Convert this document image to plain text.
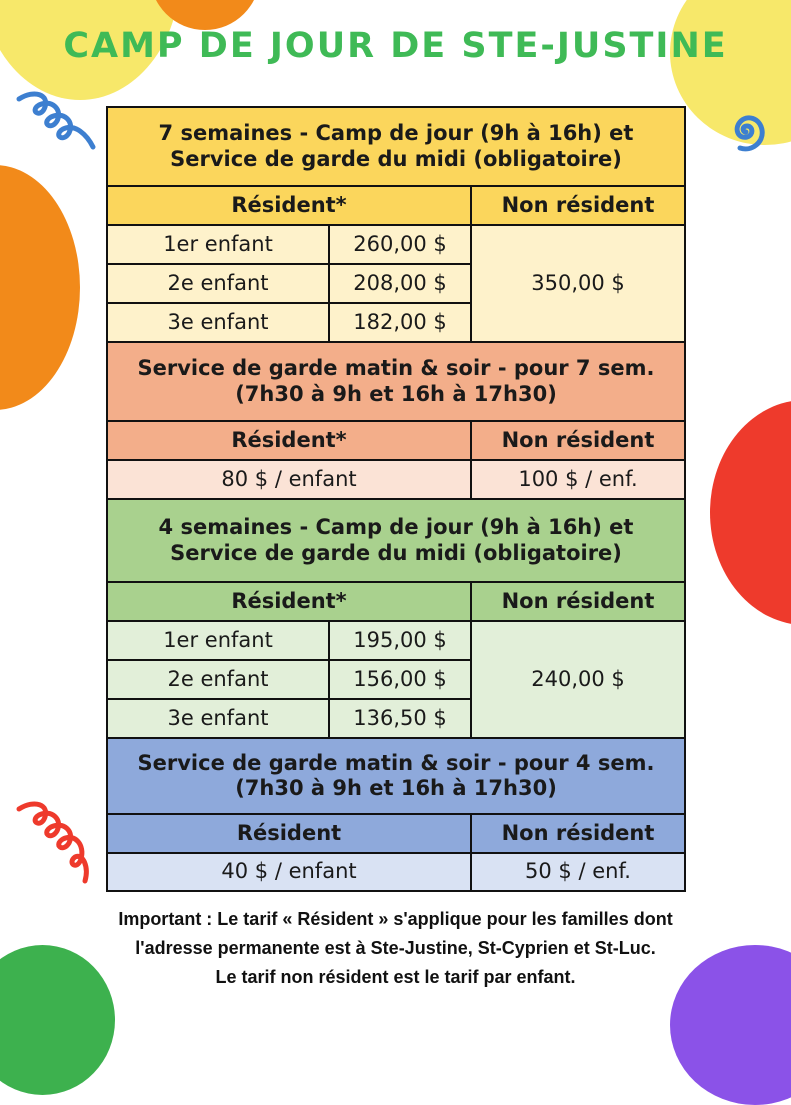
CAMP DE JOUR DE STE-JUSTINE
7 semaines - Camp de jour (9h à 16h) et
Service de garde du midi (obligatoire)		

Résident*		Non résident
1er enfant	260,00 $	350,00 $
2e enfant	208,00 $	
3e enfant	182,00 $	

Service de garde matin & soir - pour 7 sem.
(7h30 à 9h et 16h à 17h30)		

Résident*		Non résident
80 $ / enfant		100 $ / enf.

4 semaines - Camp de jour (9h à 16h) et
Service de garde du midi (obligatoire)		

Résident*		Non résident
1er enfant	195,00 $	240,00 $
2e enfant	156,00 $	
3e enfant	136,50 $	

Service de garde matin & soir - pour 4 sem.
(7h30 à 9h et 16h à 17h30)		

Résident		Non résident
40 $ / enfant		50 $ / enf.
Important : Le tarif « Résident » s'applique pour les familles dont
l'adresse permanente est à Ste-Justine, St-Cyprien et St-Luc.
Le tarif non résident est le tarif par enfant.
